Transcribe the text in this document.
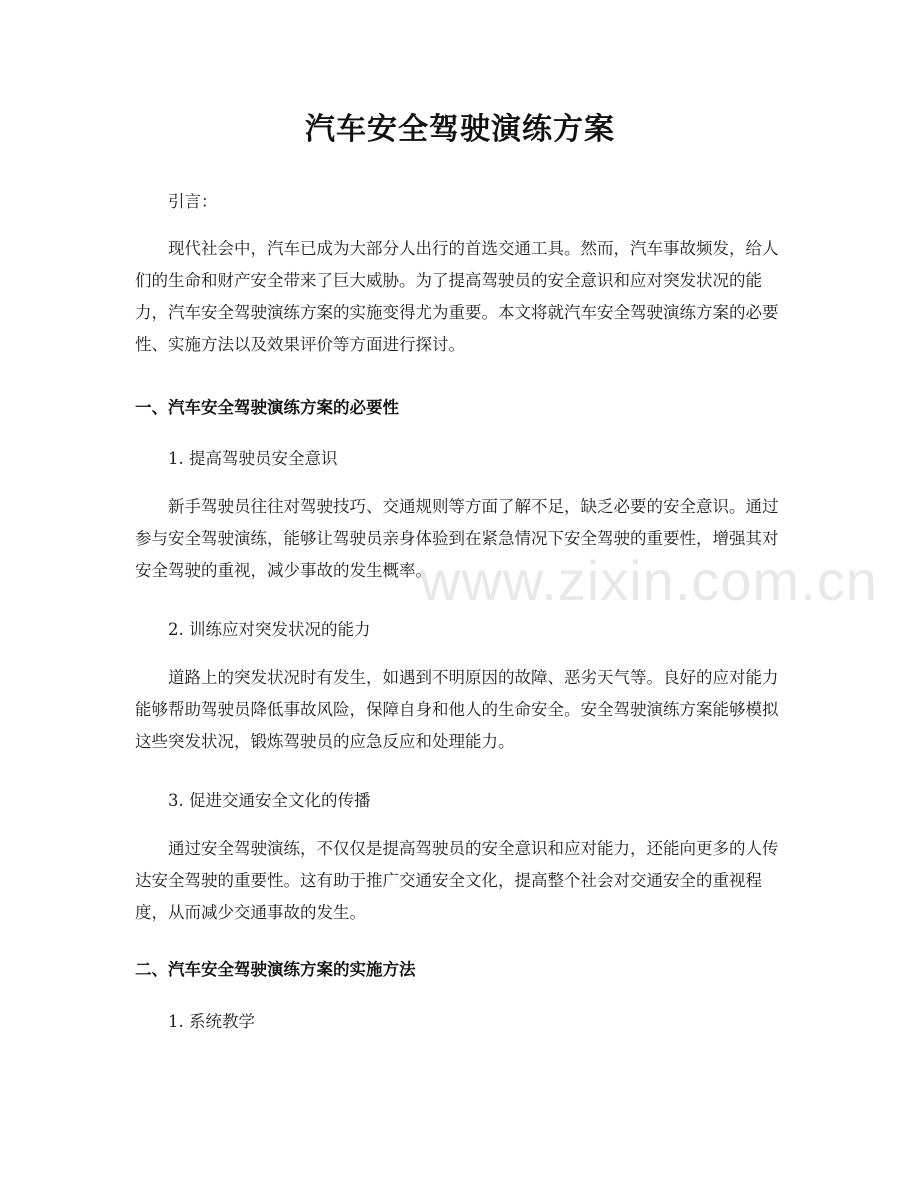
汽车安全驾驶演练方案
引言：
现代社会中，汽车已成为大部分人出行的首选交通工具。然而，汽车事故频发，给人们的生命和财产安全带来了巨大威胁。为了提高驾驶员的安全意识和应对突发状况的能力，汽车安全驾驶演练方案的实施变得尤为重要。本文将就汽车安全驾驶演练方案的必要性、实施方法以及效果评价等方面进行探讨。
一、汽车安全驾驶演练方案的必要性
1. 提高驾驶员安全意识
新手驾驶员往往对驾驶技巧、交通规则等方面了解不足，缺乏必要的安全意识。通过参与安全驾驶演练，能够让驾驶员亲身体验到在紧急情况下安全驾驶的重要性，增强其对安全驾驶的重视，减少事故的发生概率。
2. 训练应对突发状况的能力
道路上的突发状况时有发生，如遇到不明原因的故障、恶劣天气等。良好的应对能力能够帮助驾驶员降低事故风险，保障自身和他人的生命安全。安全驾驶演练方案能够模拟这些突发状况，锻炼驾驶员的应急反应和处理能力。
3. 促进交通安全文化的传播
通过安全驾驶演练，不仅仅是提高驾驶员的安全意识和应对能力，还能向更多的人传达安全驾驶的重要性。这有助于推广交通安全文化，提高整个社会对交通安全的重视程度，从而减少交通事故的发生。
二、汽车安全驾驶演练方案的实施方法
1. 系统教学
www.zixin.com.cn
